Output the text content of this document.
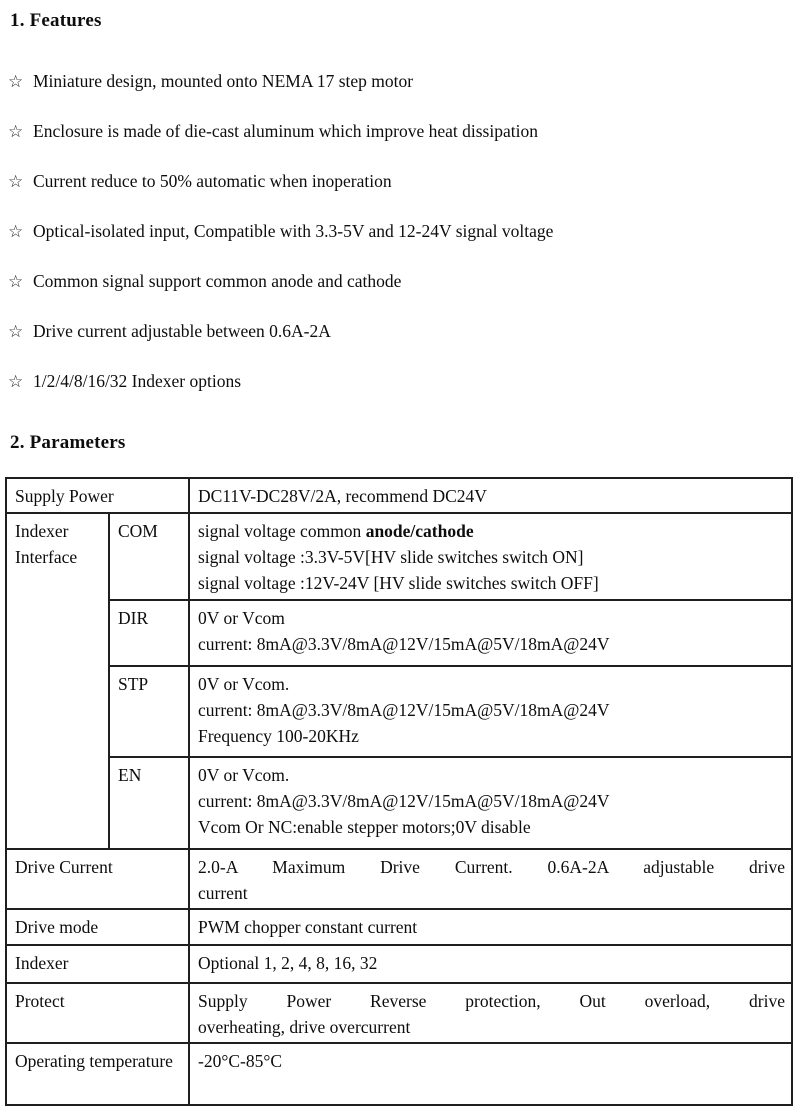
1. Features
☆ Miniature design, mounted onto NEMA 17 step motor
☆ Enclosure is made of die-cast aluminum which improve heat dissipation
☆ Current reduce to 50% automatic when inoperation
☆ Optical-isolated input, Compatible with 3.3-5V and 12-24V signal voltage
☆ Common signal support common anode and cathode
☆ Drive current adjustable between 0.6A-2A
☆ 1/2/4/8/16/32 Indexer options
2. Parameters
Supply Power		DC11V-DC28V/2A, recommend DC24V
Indexer Interface	COM	signal voltage common anode/cathode
signal voltage :3.3V-5V[HV slide switches switch ON]
signal voltage :12V-24V [HV slide switches switch OFF]

	DIR	0V or Vcom
current: 8mA@3.3V/8mA@12V/15mA@5V/18mA@24V

	STP	0V or Vcom.
current: 8mA@3.3V/8mA@12V/15mA@5V/18mA@24V
Frequency 100-20KHz

	EN	0V or Vcom.
current: 8mA@3.3V/8mA@12V/15mA@5V/18mA@24V
Vcom Or NC:enable stepper motors;0V disable

Drive Current		2.0-A Maximum Drive Current. 0.6A-2A adjustable drive
current

Drive mode		PWM chopper constant current
Indexer		Optional 1, 2, 4, 8, 16, 32
Protect		Supply Power Reverse protection, Out overload, drive
overheating, drive overcurrent

Operating temperature		-20°C-85°C
